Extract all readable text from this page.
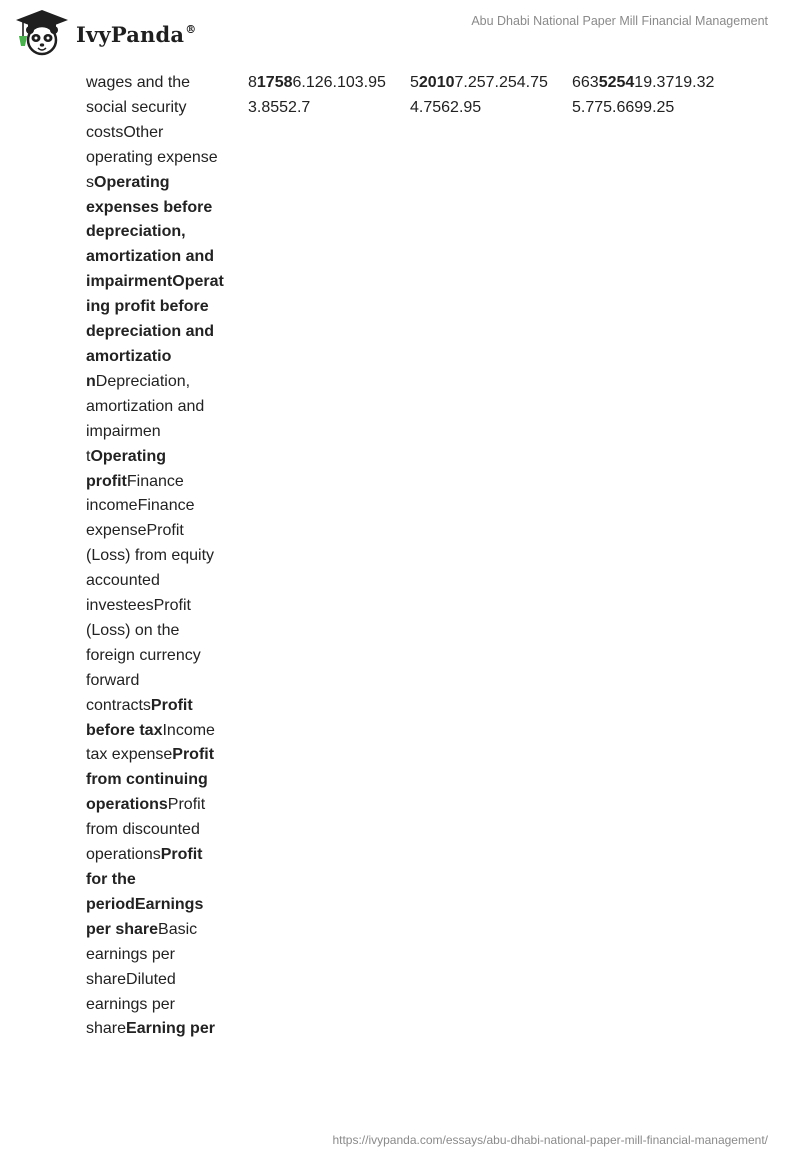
IvyPanda®
Abu Dhabi National Paper Mill Financial Management
wages and the social security costsOther operating expense sOperating expenses before depreciation, amortization and impairmentOperating profit before depreciation and amortizatio nDepreciation, amortization and impairmen tOperating profitFinance incomeFinance expenseProfit (Loss) from equity accounted investeesProfit (Loss) on the foreign currency forward contractsProfit before taxIncome tax expenseProfit from continuing operationsProfit from discounted operationsProfit for the periodEarnings per shareBasic earnings per shareDiluted earnings per shareEarning per
817586.126.103.953.8552.7
520107.257.254.754.7562.95
663525419.3719.325.775.6699.25
https://ivypanda.com/essays/abu-dhabi-national-paper-mill-financial-management/
